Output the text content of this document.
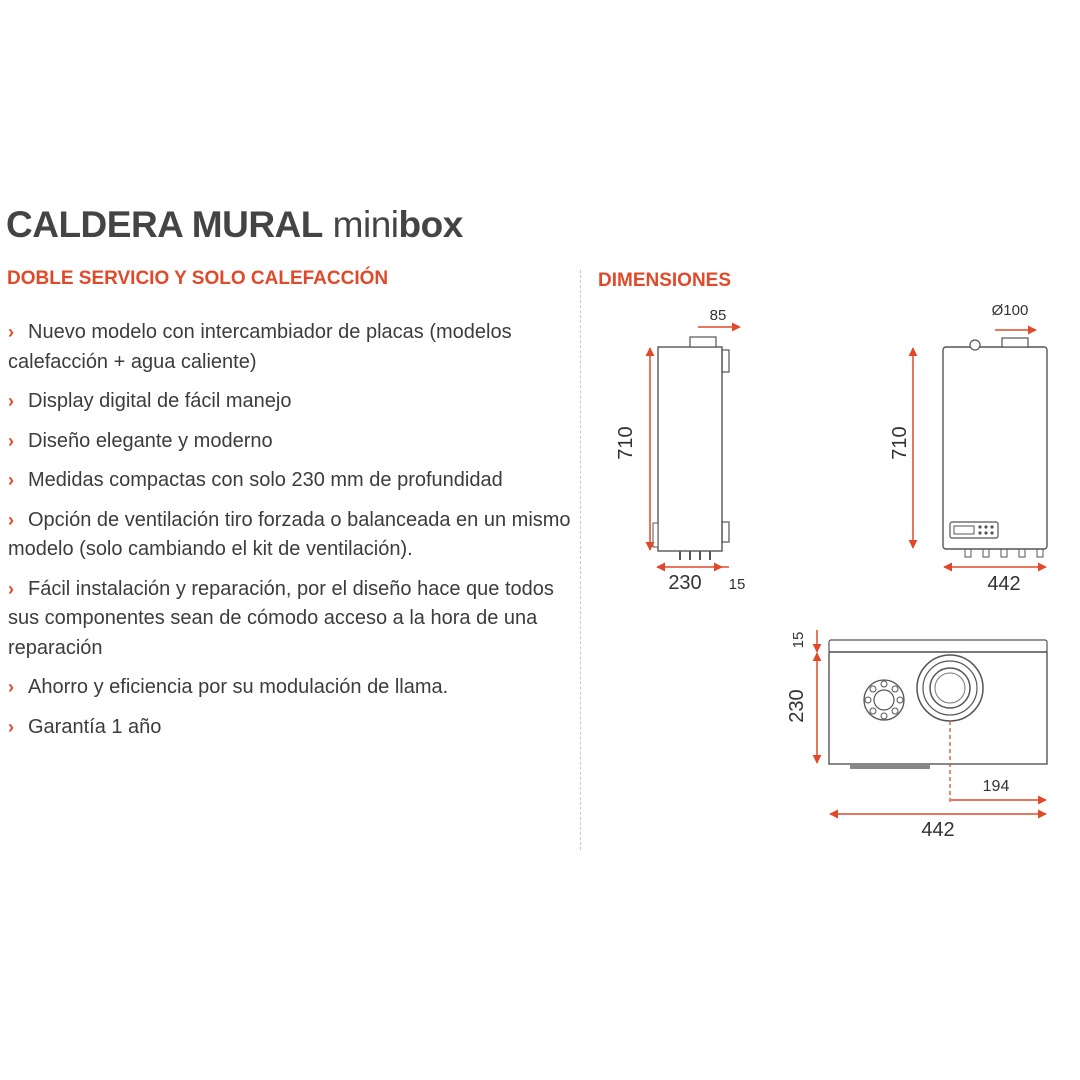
CALDERA MURAL minibox
DOBLE SERVICIO Y SOLO CALEFACCIÓN	DIMENSIONES
› Nuevo modelo con intercambiador de placas (modelos calefacción + agua caliente)
› Display digital de fácil manejo
› Diseño elegante y moderno
› Medidas compactas con solo 230 mm de profundidad
› Opción de ventilación tiro forzada o balanceada en un mismo modelo (solo cambiando el kit de ventilación).
› Fácil instalación y reparación, por el diseño hace que todos sus componentes sean de cómodo acceso a la hora de una reparación
› Ahorro y eficiencia por su modulación de llama.
› Garantía 1 año
85
710
230 15
Ø100
710
442
15
230
194
442
